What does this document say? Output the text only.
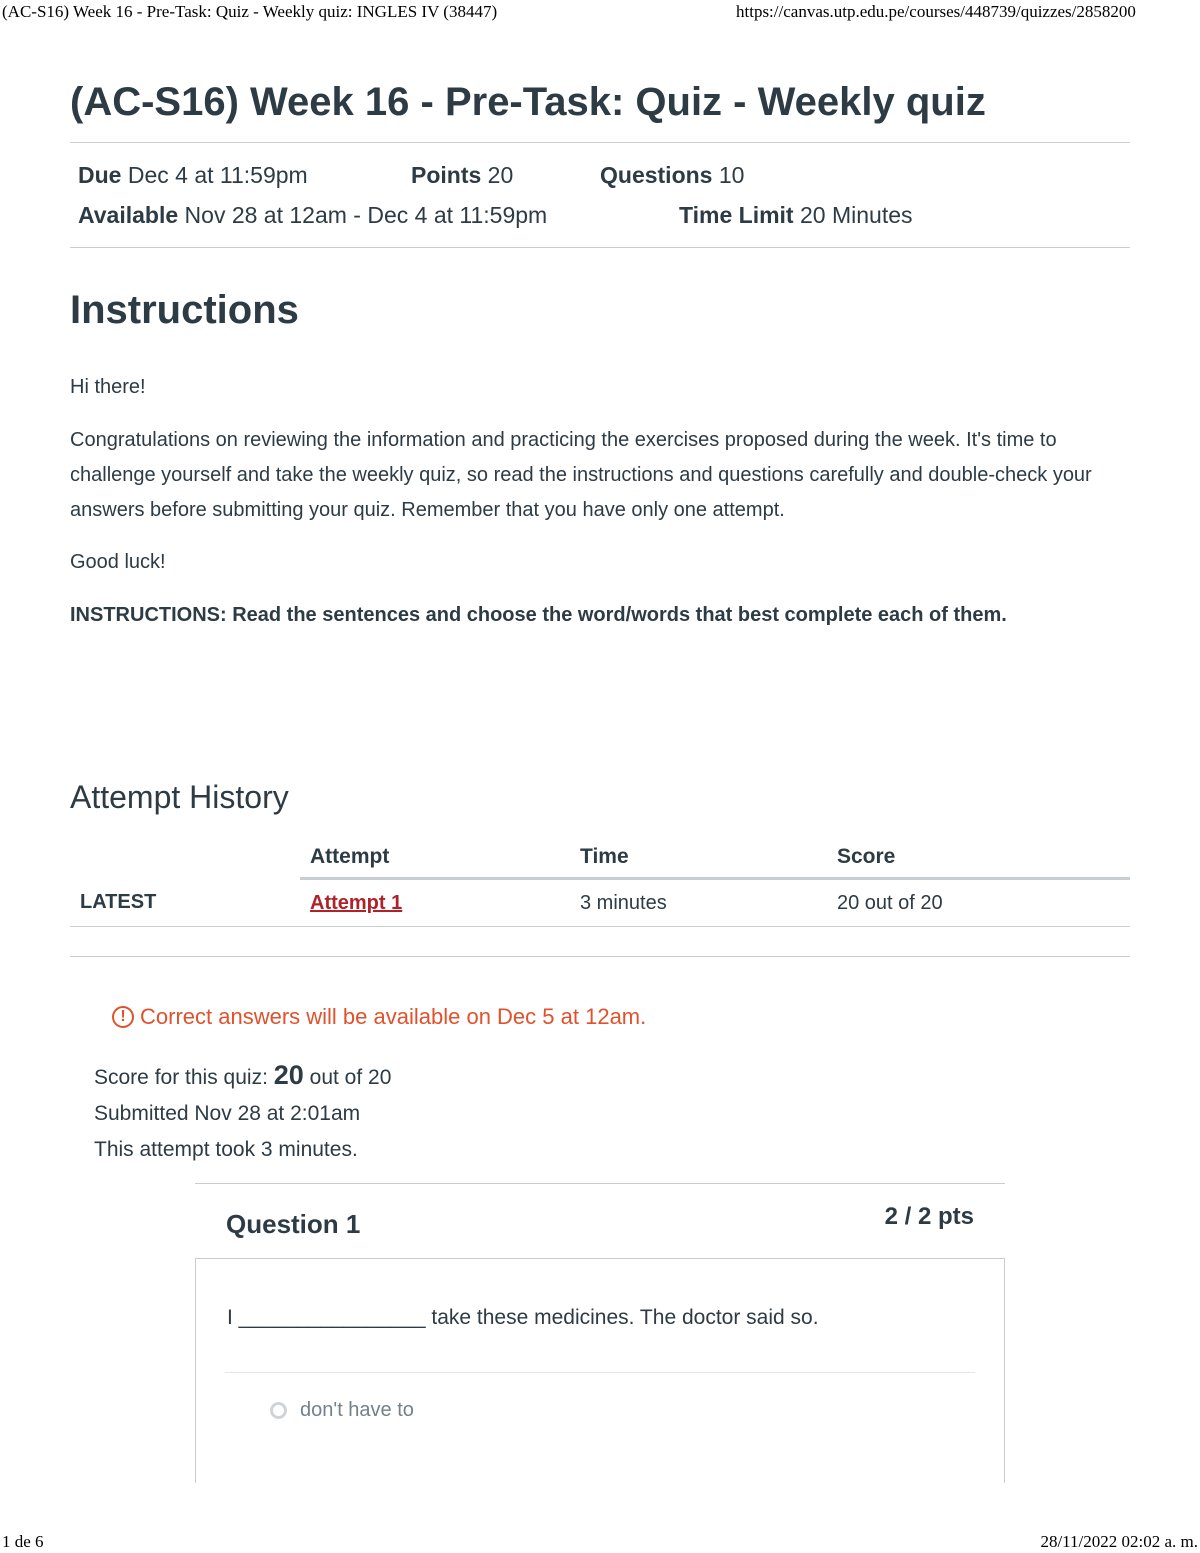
(AC-S16) Week 16 - Pre-Task: Quiz - Weekly quiz: INGLES IV (38447)	https://canvas.utp.edu.pe/courses/448739/quizzes/2858200
(AC-S16) Week 16 - Pre-Task: Quiz - Weekly quiz
Due Dec 4 at 11:59pm	Points 20	Questions 10
Available Nov 28 at 12am - Dec 4 at 11:59pm	Time Limit 20 Minutes
Instructions

Hi there!

Congratulations on reviewing the information and practicing the exercises proposed during the week. It's time to challenge yourself and take the weekly quiz, so read the instructions and questions carefully and double-check your answers before submitting your quiz. Remember that you have only one attempt.

Good luck!

INSTRUCTIONS: Read the sentences and choose the word/words that best complete each of them.

Attempt History
	Attempt	Time	Score
LATEST	Attempt 1	3 minutes	20 out of 20
! Correct answers will be available on Dec 5 at 12am.
Score for this quiz: 20 out of 20
Submitted Nov 28 at 2:01am
This attempt took 3 minutes.
Question 1	2 / 2 pts
I ________________ take these medicines. The doctor said so.
don't have to
1 de 6	28/11/2022 02:02 a. m.
